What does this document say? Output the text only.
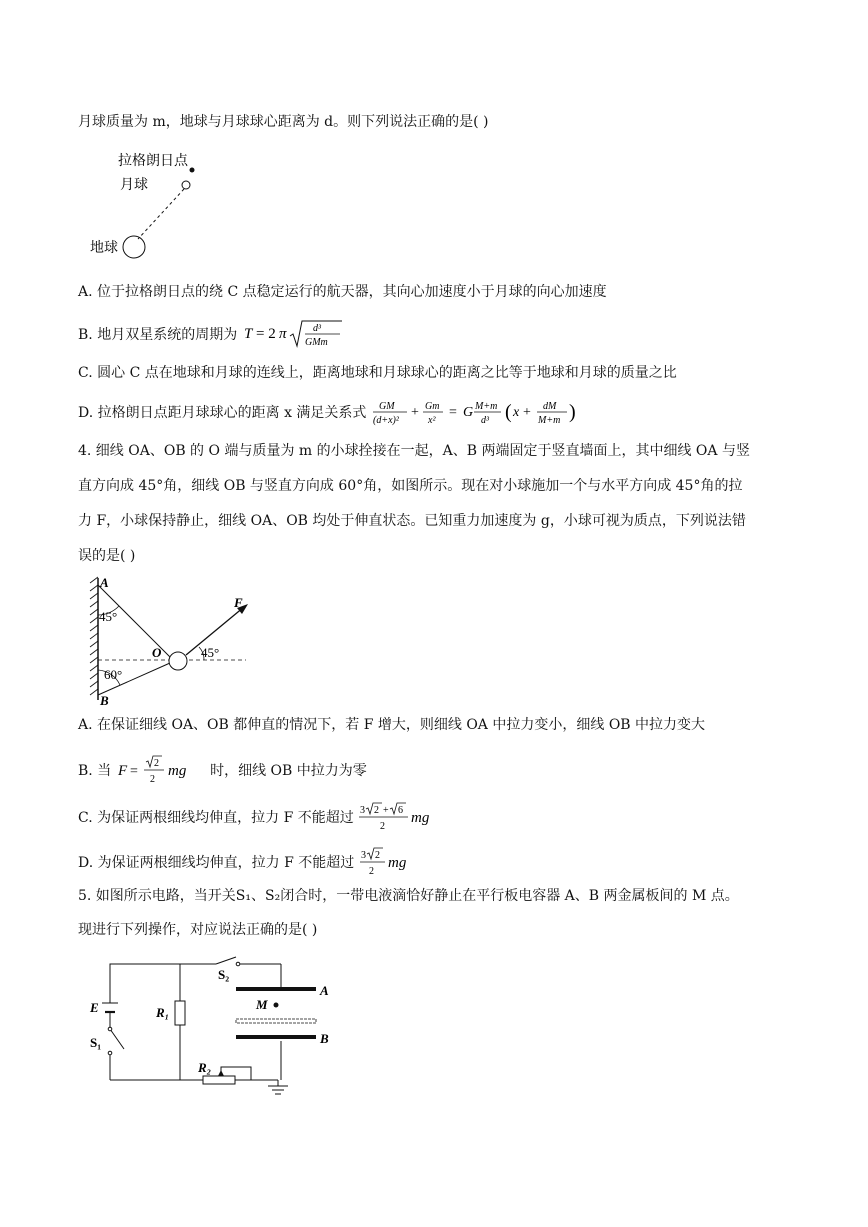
月球质量为 m，地球与月球球心距离为 d。则下列说法正确的是( )
拉格朗日点
月球
地球
A. 位于拉格朗日点的绕 C 点稳定运行的航天器，其向心加速度小于月球的向心加速度
B. 地月双星系统的周期为 T = 2 π	d³
GMm
C. 圆心 C 点在地球和月球的连线上，距离地球和月球球心的距离之比等于地球和月球的质量之比
D. 拉格朗日点距月球球心的距离 x 满足关系式 GM
(d+x)²
+ Gm
x²
= G M+m
d³ ( x + dM
M+m )
4. 细线 OA、OB 的 O 端与质量为 m 的小球拴接在一起，A、B 两端固定于竖直墙面上，其中细线 OA 与竖
直方向成 45°角，细线 OB 与竖直方向成 60°角，如图所示。现在对小球施加一个与水平方向成 45°角的拉
力 F，小球保持静止，细线 OA、OB 均处于伸直状态。已知重力加速度为 g，小球可视为质点，下列说法错
误的是( )
A
45°
F
O	45°
60°
B
A. 在保证细线 OA、OB 都伸直的情况下，若 F 增大，则细线 OA 中拉力变小，细线 OB 中拉力变大
B. 当 F =
2
2
mg 时，细线 OB 中拉力为零
C. 为保证两根细线均伸直，拉力 F 不能超过 3 2 + 6
2
mg
D. 为保证两根细线均伸直，拉力 F 不能超过 3 2
2
mg
5. 如图所示电路，当开关S₁、S₂闭合时，一带电液滴恰好静止在平行板电容器 A、B 两金属板间的 M 点。
现进行下列操作，对应说法正确的是( )
E
S₁
S₂
R₁
R₂
M
A
B
